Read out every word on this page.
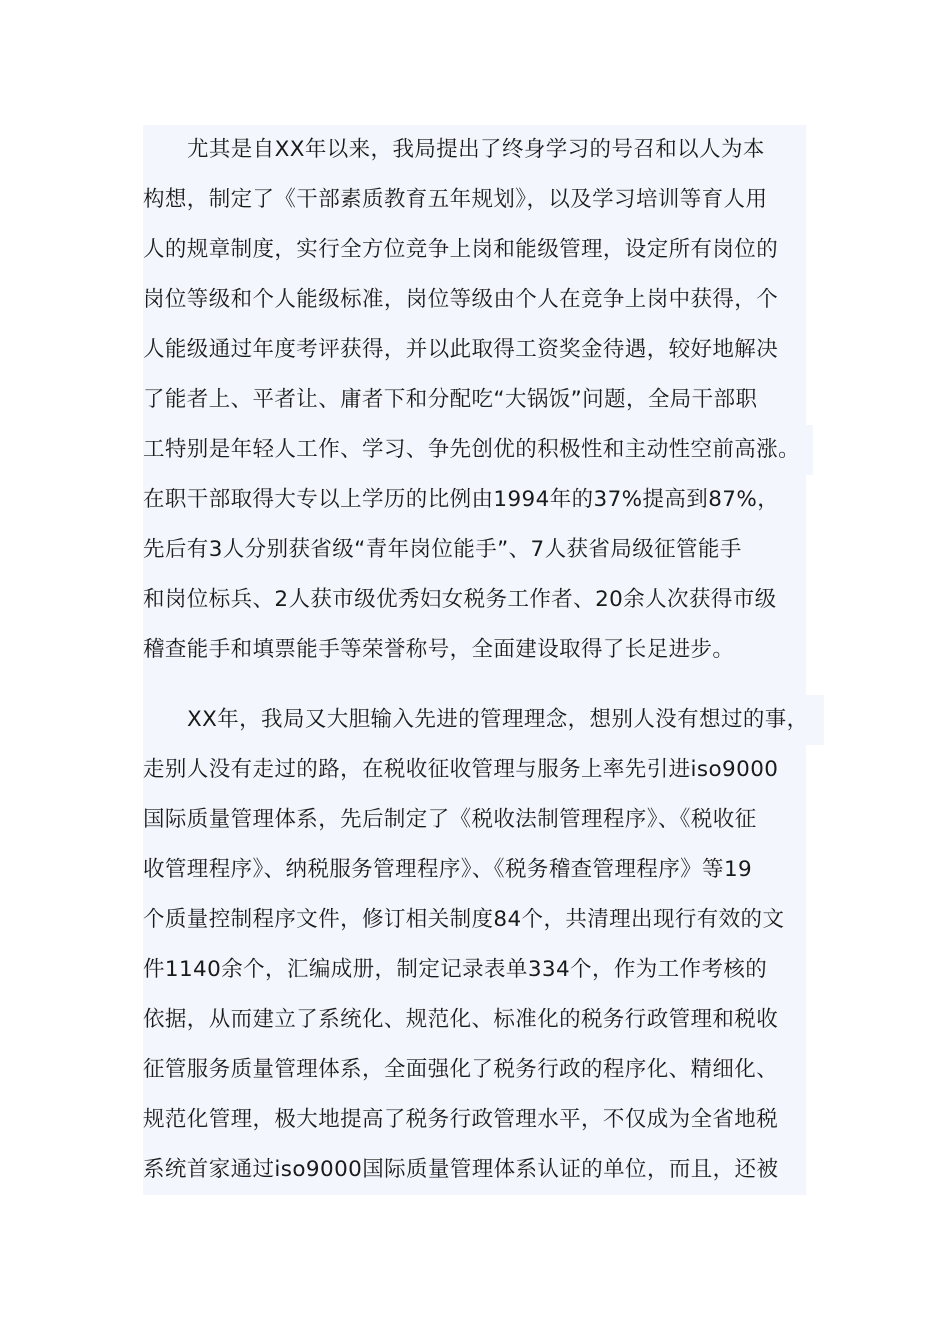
尤其是自XX年以来，我局提出了终身学习的号召和以人为本
构想，制定了《干部素质教育五年规划》，以及学习培训等育人用
人的规章制度，实行全方位竞争上岗和能级管理，设定所有岗位的
岗位等级和个人能级标准，岗位等级由个人在竞争上岗中获得，个
人能级通过年度考评获得，并以此取得工资奖金待遇，较好地解决
了能者上、平者让、庸者下和分配吃“大锅饭”问题，全局干部职
工特别是年轻人工作、学习、争先创优的积极性和主动性空前高涨。
在职干部取得大专以上学历的比例由1994年的37%提高到87%，
先后有3人分别获省级“青年岗位能手”、7人获省局级征管能手
和岗位标兵、2人获市级优秀妇女税务工作者、20余人次获得市级
稽查能手和填票能手等荣誉称号，全面建设取得了长足进步。
XX年，我局又大胆输入先进的管理理念，想别人没有想过的事，
走别人没有走过的路，在税收征收管理与服务上率先引进iso9000
国际质量管理体系，先后制定了《税收法制管理程序》、《税收征
收管理程序》、纳税服务管理程序》、《税务稽查管理程序》等19
个质量控制程序文件，修订相关制度84个，共清理出现行有效的文
件1140余个，汇编成册，制定记录表单334个，作为工作考核的
依据，从而建立了系统化、规范化、标准化的税务行政管理和税收
征管服务质量管理体系，全面强化了税务行政的程序化、精细化、
规范化管理，极大地提高了税务行政管理水平，不仅成为全省地税
系统首家通过iso9000国际质量管理体系认证的单位，而且，还被
